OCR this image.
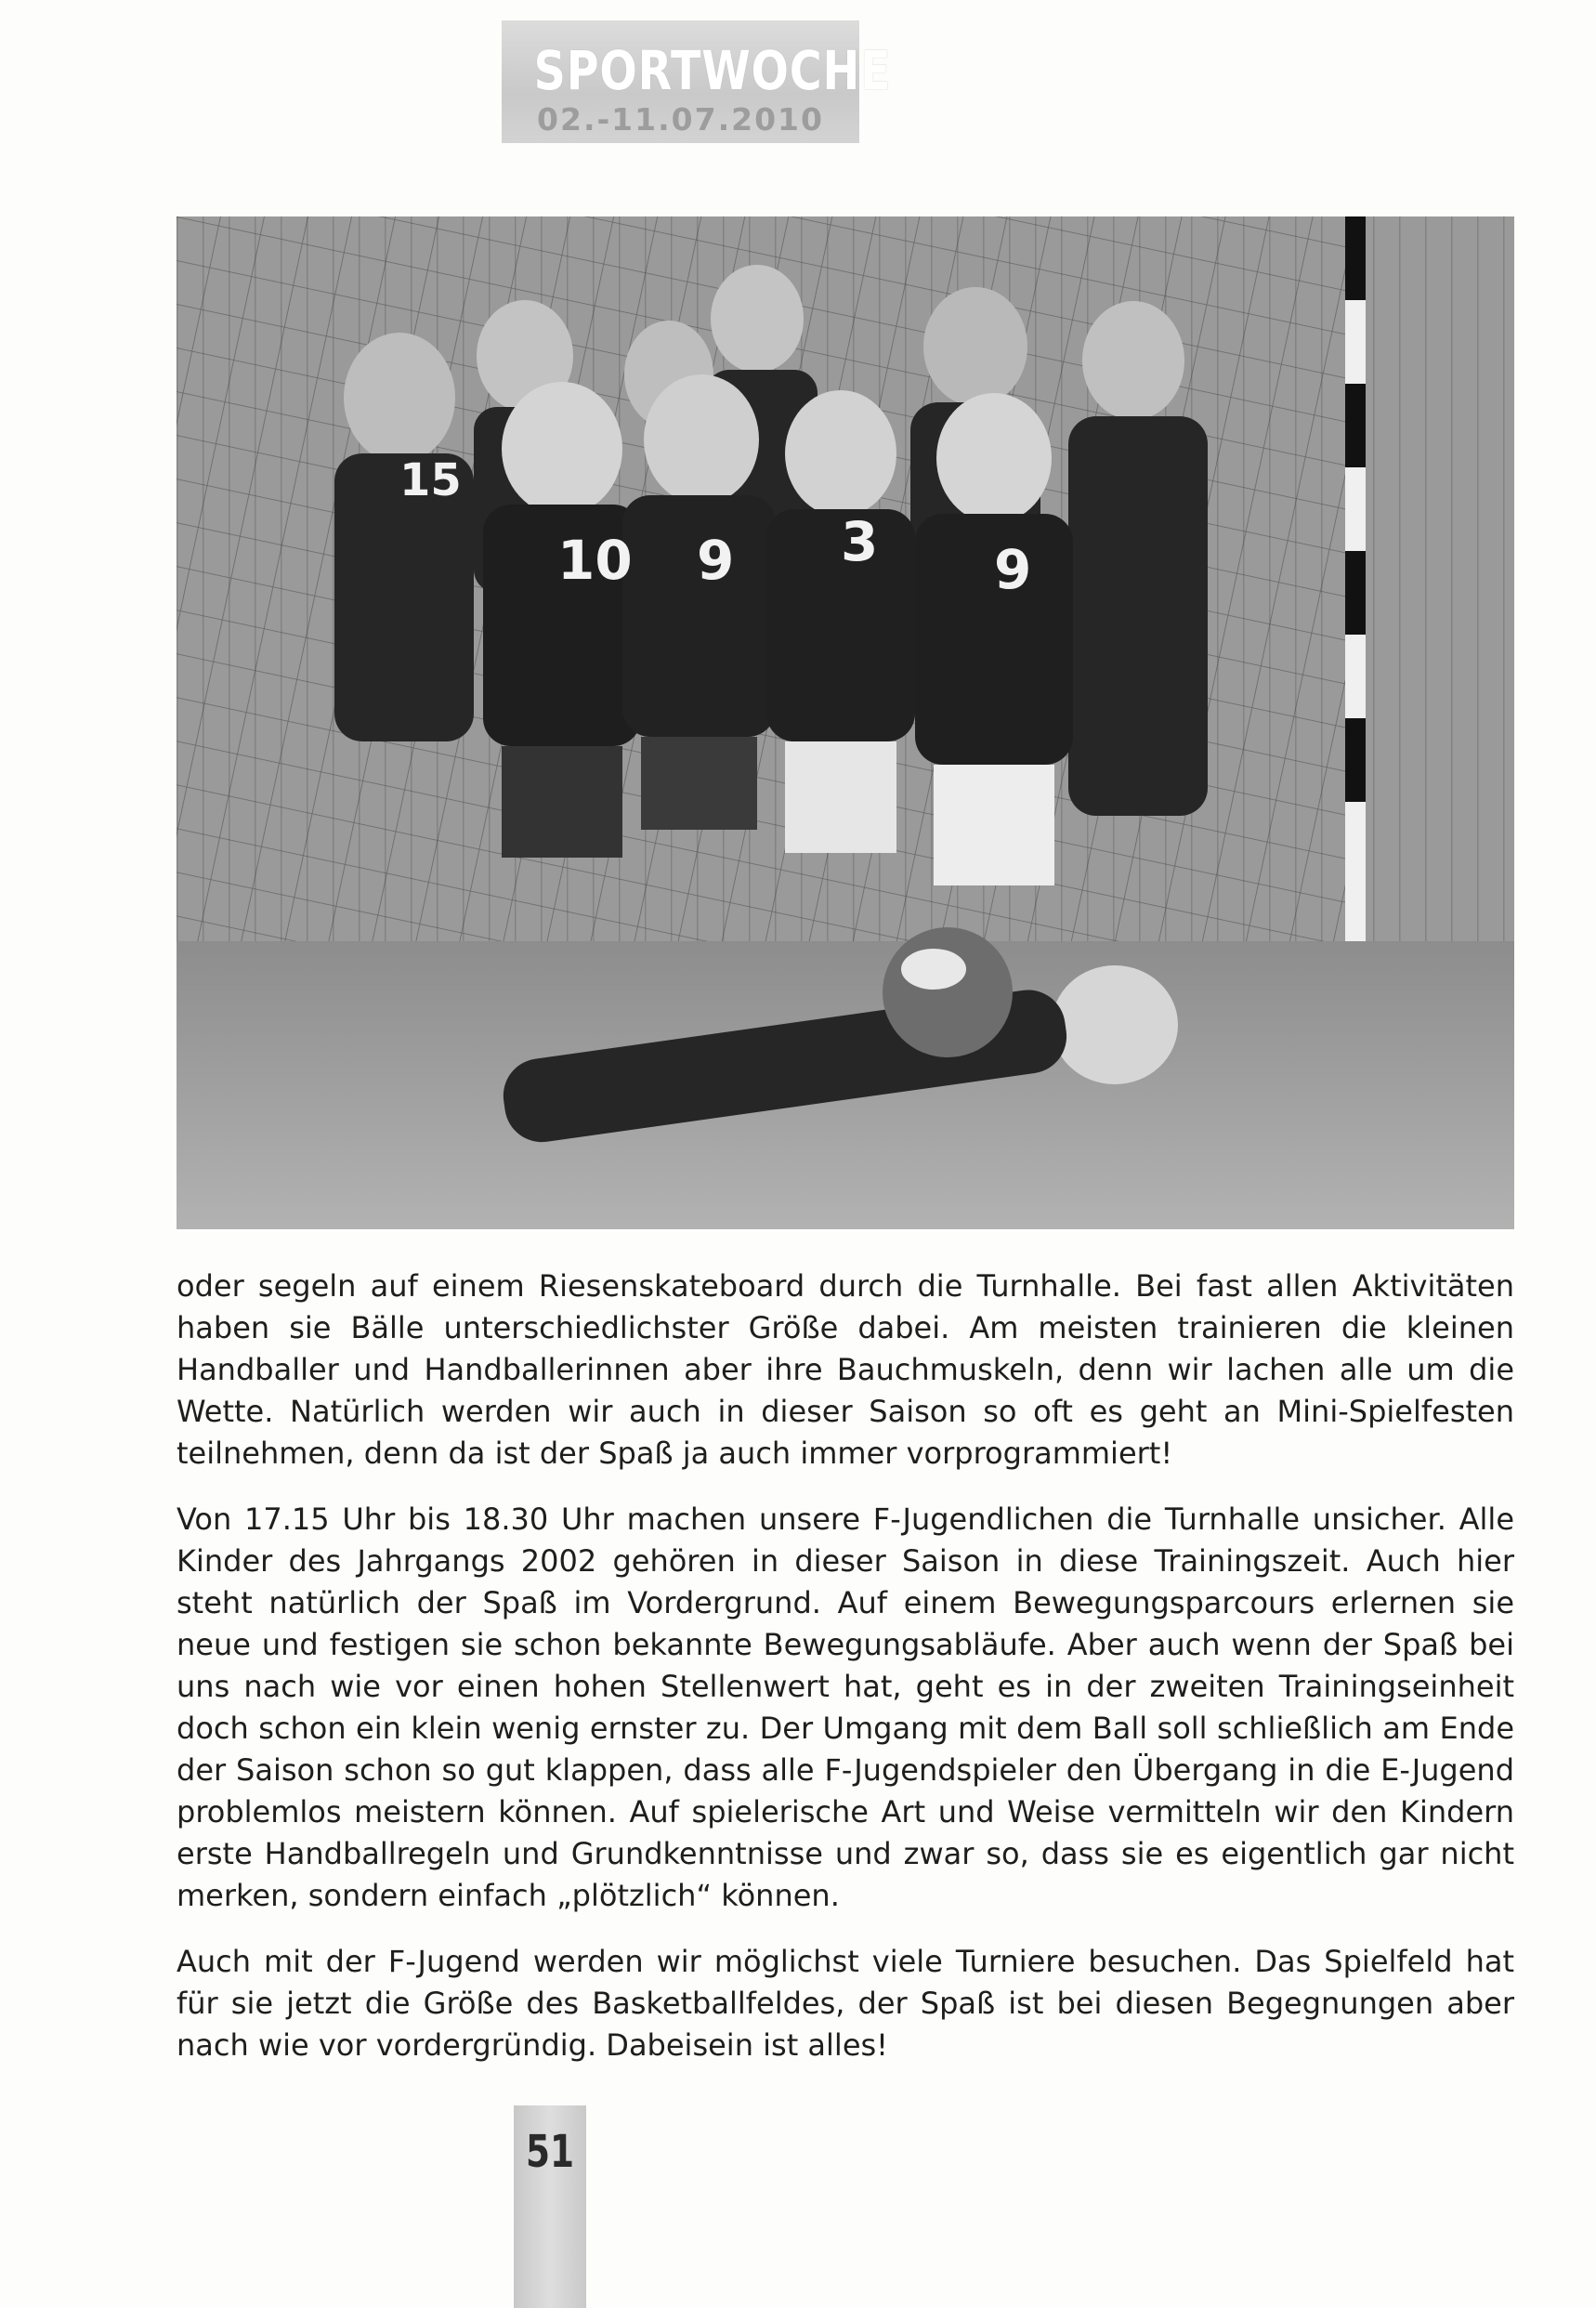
SPORTWOCHE
02.-11.07.2010
15
10 9 3 9

oder segeln auf einem Riesenskateboard durch die Turnhalle. Bei fast allen Aktivitäten haben sie Bälle unterschiedlichster Größe dabei. Am meisten trainieren die kleinen Handballer und Handballerinnen aber ihre Bauchmuskeln, denn wir lachen alle um die Wette. Natürlich werden wir auch in dieser Saison so oft es geht an Mini-Spielfesten teilnehmen, denn da ist der Spaß ja auch immer vorprogrammiert!

Von 17.15 Uhr bis 18.30 Uhr machen unsere F-Jugendlichen die Turnhalle unsicher. Alle Kinder des Jahrgangs 2002 gehören in dieser Saison in diese Trainingszeit. Auch hier steht natürlich der Spaß im Vordergrund. Auf einem Bewegungsparcours erlernen sie neue und festigen sie schon bekannte Bewegungsabläufe. Aber auch wenn der Spaß bei uns nach wie vor einen hohen Stellenwert hat, geht es in der zweiten Trainingseinheit doch schon ein klein wenig ernster zu. Der Umgang mit dem Ball soll schließlich am Ende der Saison schon so gut klappen, dass alle F-Jugendspieler den Übergang in die E-Jugend problemlos meistern können. Auf spielerische Art und Weise vermitteln wir den Kindern erste Handballregeln und Grundkenntnisse und zwar so, dass sie es eigentlich gar nicht merken, sondern einfach „plötzlich“ können.

Auch mit der F-Jugend werden wir möglichst viele Turniere besuchen. Das Spielfeld hat für sie jetzt die Größe des Basketballfeldes, der Spaß ist bei diesen Begegnungen aber nach wie vor vordergründig. Dabeisein ist alles!

51
